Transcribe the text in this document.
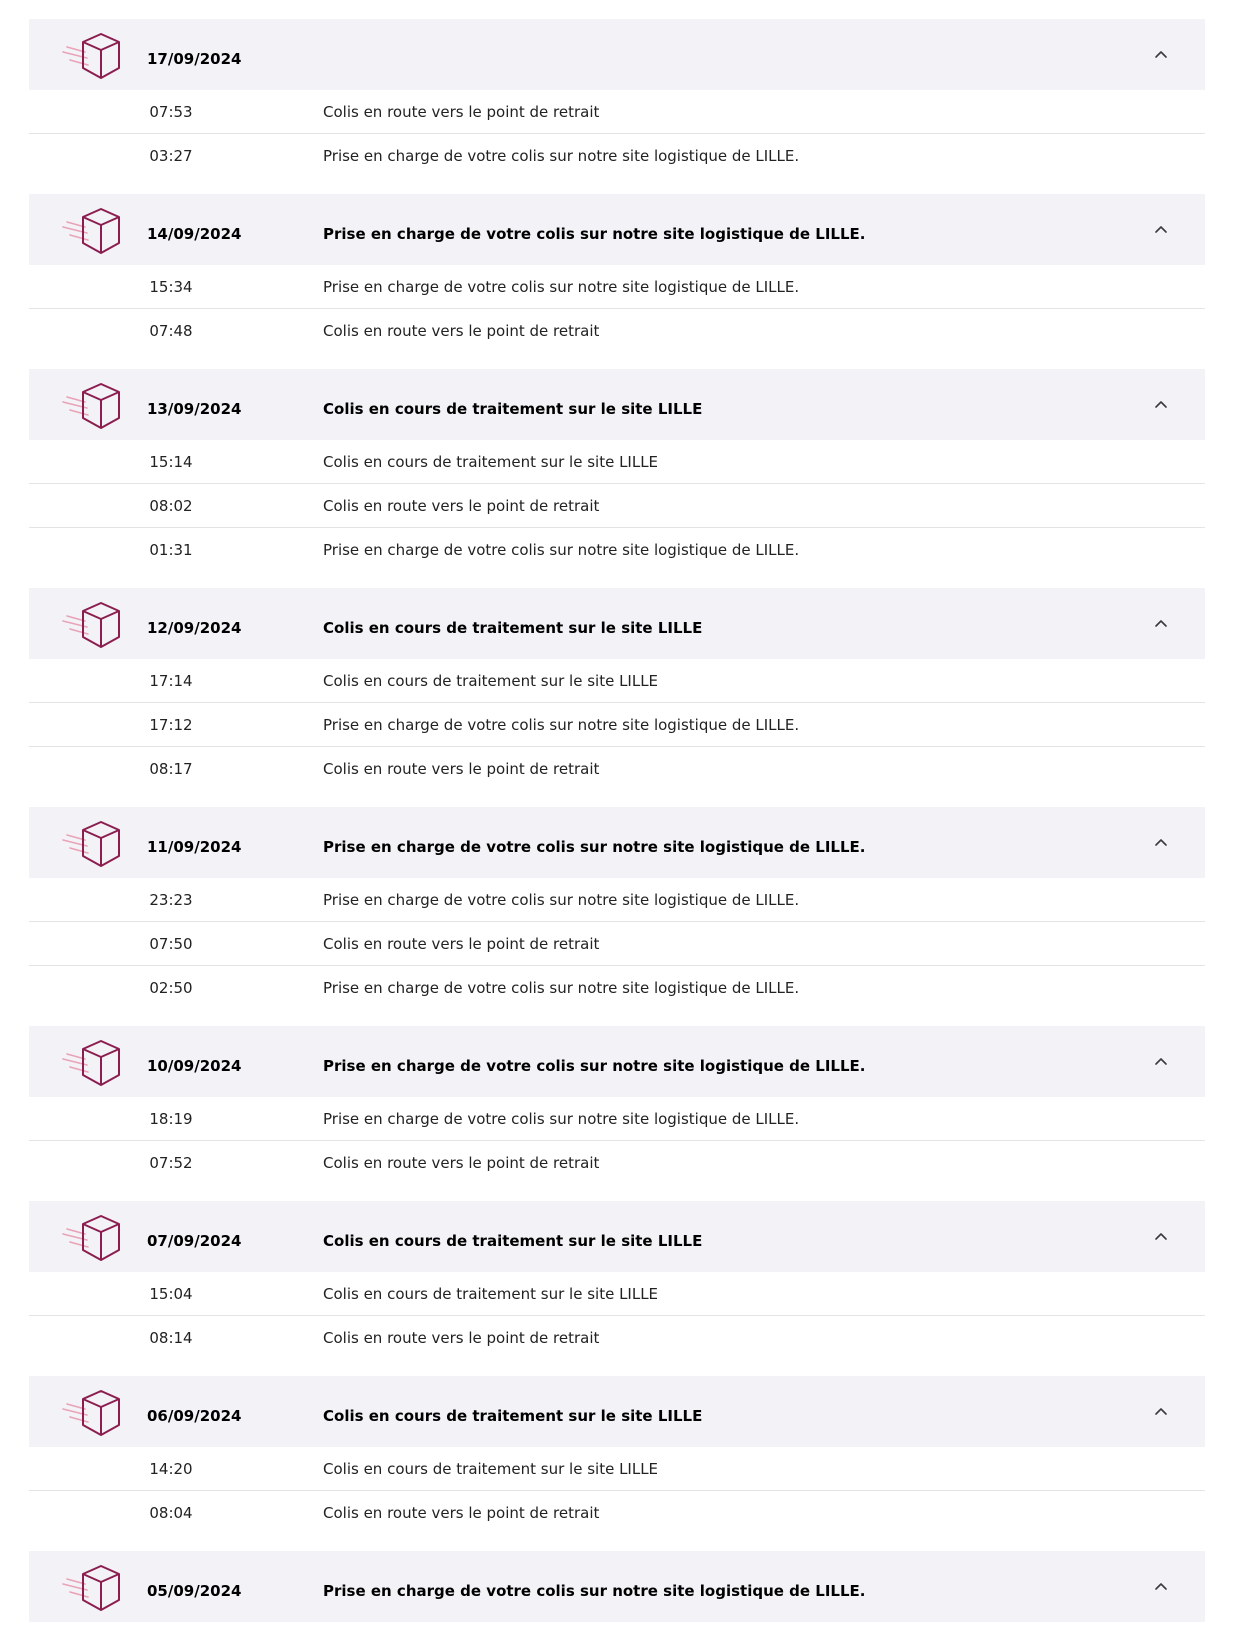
17/09/2024
07:53	Colis en route vers le point de retrait
03:27	Prise en charge de votre colis sur notre site logistique de LILLE.
14/09/2024	Prise en charge de votre colis sur notre site logistique de LILLE.
15:34	Prise en charge de votre colis sur notre site logistique de LILLE.
07:48	Colis en route vers le point de retrait
13/09/2024	Colis en cours de traitement sur le site LILLE
15:14	Colis en cours de traitement sur le site LILLE
08:02	Colis en route vers le point de retrait
01:31	Prise en charge de votre colis sur notre site logistique de LILLE.
12/09/2024	Colis en cours de traitement sur le site LILLE
17:14	Colis en cours de traitement sur le site LILLE
17:12	Prise en charge de votre colis sur notre site logistique de LILLE.
08:17	Colis en route vers le point de retrait
11/09/2024	Prise en charge de votre colis sur notre site logistique de LILLE.
23:23	Prise en charge de votre colis sur notre site logistique de LILLE.
07:50	Colis en route vers le point de retrait
02:50	Prise en charge de votre colis sur notre site logistique de LILLE.
10/09/2024	Prise en charge de votre colis sur notre site logistique de LILLE.
18:19	Prise en charge de votre colis sur notre site logistique de LILLE.
07:52	Colis en route vers le point de retrait
07/09/2024	Colis en cours de traitement sur le site LILLE
15:04	Colis en cours de traitement sur le site LILLE
08:14	Colis en route vers le point de retrait
06/09/2024	Colis en cours de traitement sur le site LILLE
14:20	Colis en cours de traitement sur le site LILLE
08:04	Colis en route vers le point de retrait
05/09/2024	Prise en charge de votre colis sur notre site logistique de LILLE.
